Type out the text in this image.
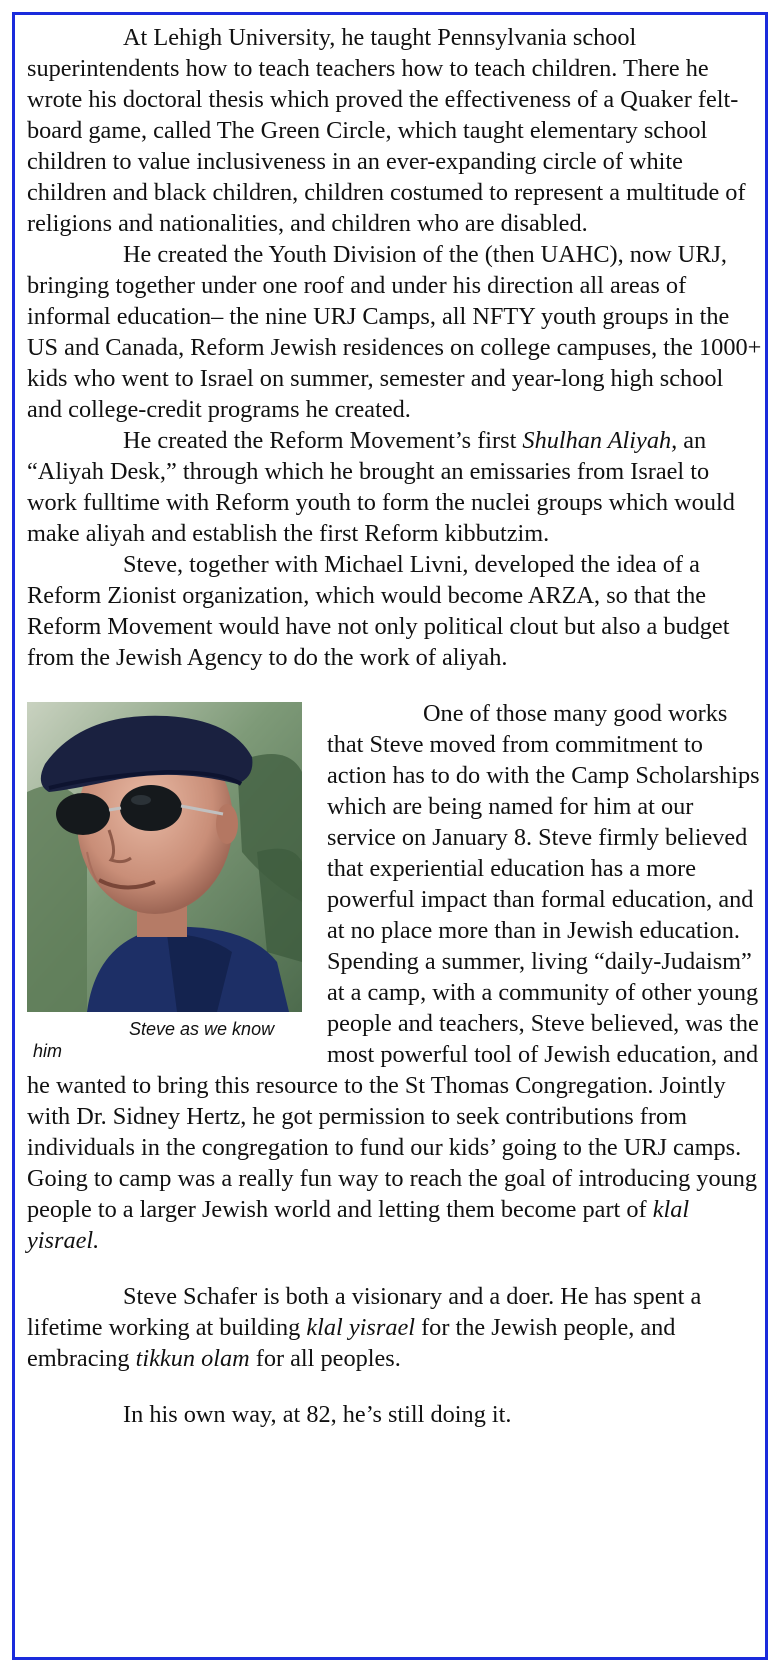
At Lehigh University, he taught Pennsylvania school superintendents how to teach teachers how to teach children. There he wrote his doctoral thesis which proved the effectiveness of a Quaker felt-board game, called The Green Circle, which taught elementary school children to value inclusiveness in an ever-expanding circle of white children and black children, children costumed to represent a multitude of religions and nationalities, and children who are disabled.

He created the Youth Division of the (then UAHC), now URJ, bringing together under one roof and under his direction all areas of informal education– the nine URJ Camps, all NFTY youth groups in the US and Canada, Reform Jewish residences on college campuses, the 1000+ kids who went to Israel on summer, semester and year-long high school and college-credit programs he created.

He created the Reform Movement’s first Shulhan Aliyah, an “Aliyah Desk,” through which he brought an emissaries from Israel to work fulltime with Reform youth to form the nuclei groups which would make aliyah and establish the first Reform kibbutzim.

Steve, together with Michael Livni, developed the idea of a Reform Zionist organization, which would become ARZA, so that the Reform Movement would have not only political clout but also a budget from the Jewish Agency to do the work of aliyah.

Steve as we know him
One of those many good works that Steve moved from commitment to action has to do with the Camp Scholarships which are being named for him at our service on January 8. Steve firmly believed that experiential education has a more powerful impact than formal education, and at no place more than in Jewish education. Spending a summer, living “daily-Judaism” at a camp, with a community of other young people and teachers, Steve believed, was the most powerful tool of Jewish education, and he wanted to bring this resource to the St Thomas Congregation. Jointly with Dr. Sidney Hertz, he got permission to seek contributions from individuals in the congregation to fund our kids’ going to the URJ camps. Going to camp was a really fun way to reach the goal of introducing young people to a larger Jewish world and letting them become part of klal yisrael.

Steve Schafer is both a visionary and a doer. He has spent a lifetime working at building klal yisrael for the Jewish people, and embracing tikkun olam for all peoples.

In his own way, at 82, he’s still doing it.
